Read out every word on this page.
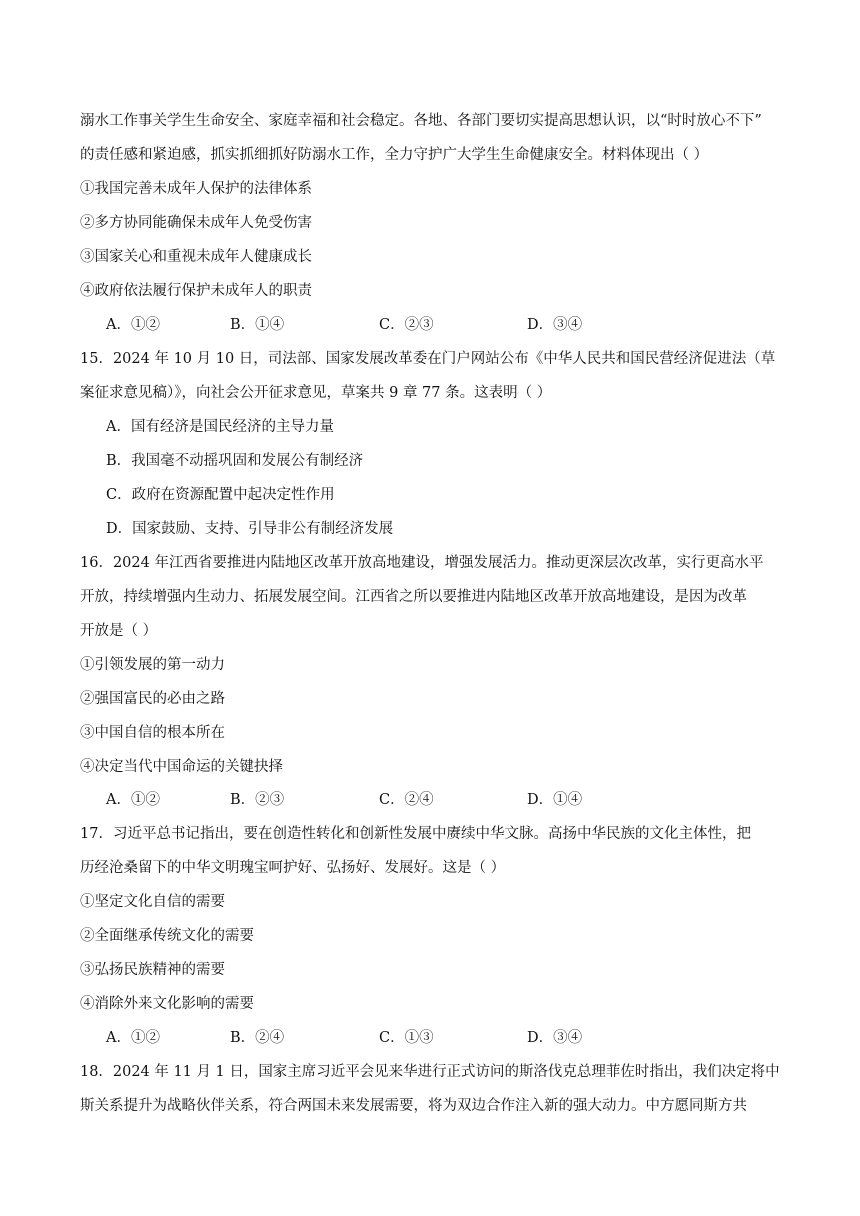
溺水工作事关学生生命安全、家庭幸福和社会稳定。各地、各部门要切实提高思想认识，以“时时放心不下”
的责任感和紧迫感，抓实抓细抓好防溺水工作，全力守护广大学生生命健康安全。材料体现出（ ）
①我国完善未成年人保护的法律体系
②多方协同能确保未成年人免受伤害
③国家关心和重视未成年人健康成长
④政府依法履行保护未成年人的职责
A．①②	B．①④	C．②③	D．③④
15．2024 年 10 月 10 日，司法部、国家发展改革委在门户网站公布《中华人民共和国民营经济促进法（草
案征求意见稿）》，向社会公开征求意见，草案共 9 章 77 条。这表明（ ）
A．国有经济是国民经济的主导力量
B．我国毫不动摇巩固和发展公有制经济
C．政府在资源配置中起决定性作用
D．国家鼓励、支持、引导非公有制经济发展
16．2024 年江西省要推进内陆地区改革开放高地建设，增强发展活力。推动更深层次改革，实行更高水平
开放，持续增强内生动力、拓展发展空间。江西省之所以要推进内陆地区改革开放高地建设，是因为改革
开放是（ ）
①引领发展的第一动力
②强国富民的必由之路
③中国自信的根本所在
④决定当代中国命运的关键抉择
A．①②	B．②③	C．②④	D．①④
17．习近平总书记指出，要在创造性转化和创新性发展中赓续中华文脉。高扬中华民族的文化主体性，把
历经沧桑留下的中华文明瑰宝呵护好、弘扬好、发展好。这是（ ）
①坚定文化自信的需要
②全面继承传统文化的需要
③弘扬民族精神的需要
④消除外来文化影响的需要
A．①②	B．②④	C．①③	D．③④
18．2024 年 11 月 1 日，国家主席习近平会见来华进行正式访问的斯洛伐克总理菲佐时指出，我们决定将中
斯关系提升为战略伙伴关系，符合两国未来发展需要，将为双边合作注入新的强大动力。中方愿同斯方共
